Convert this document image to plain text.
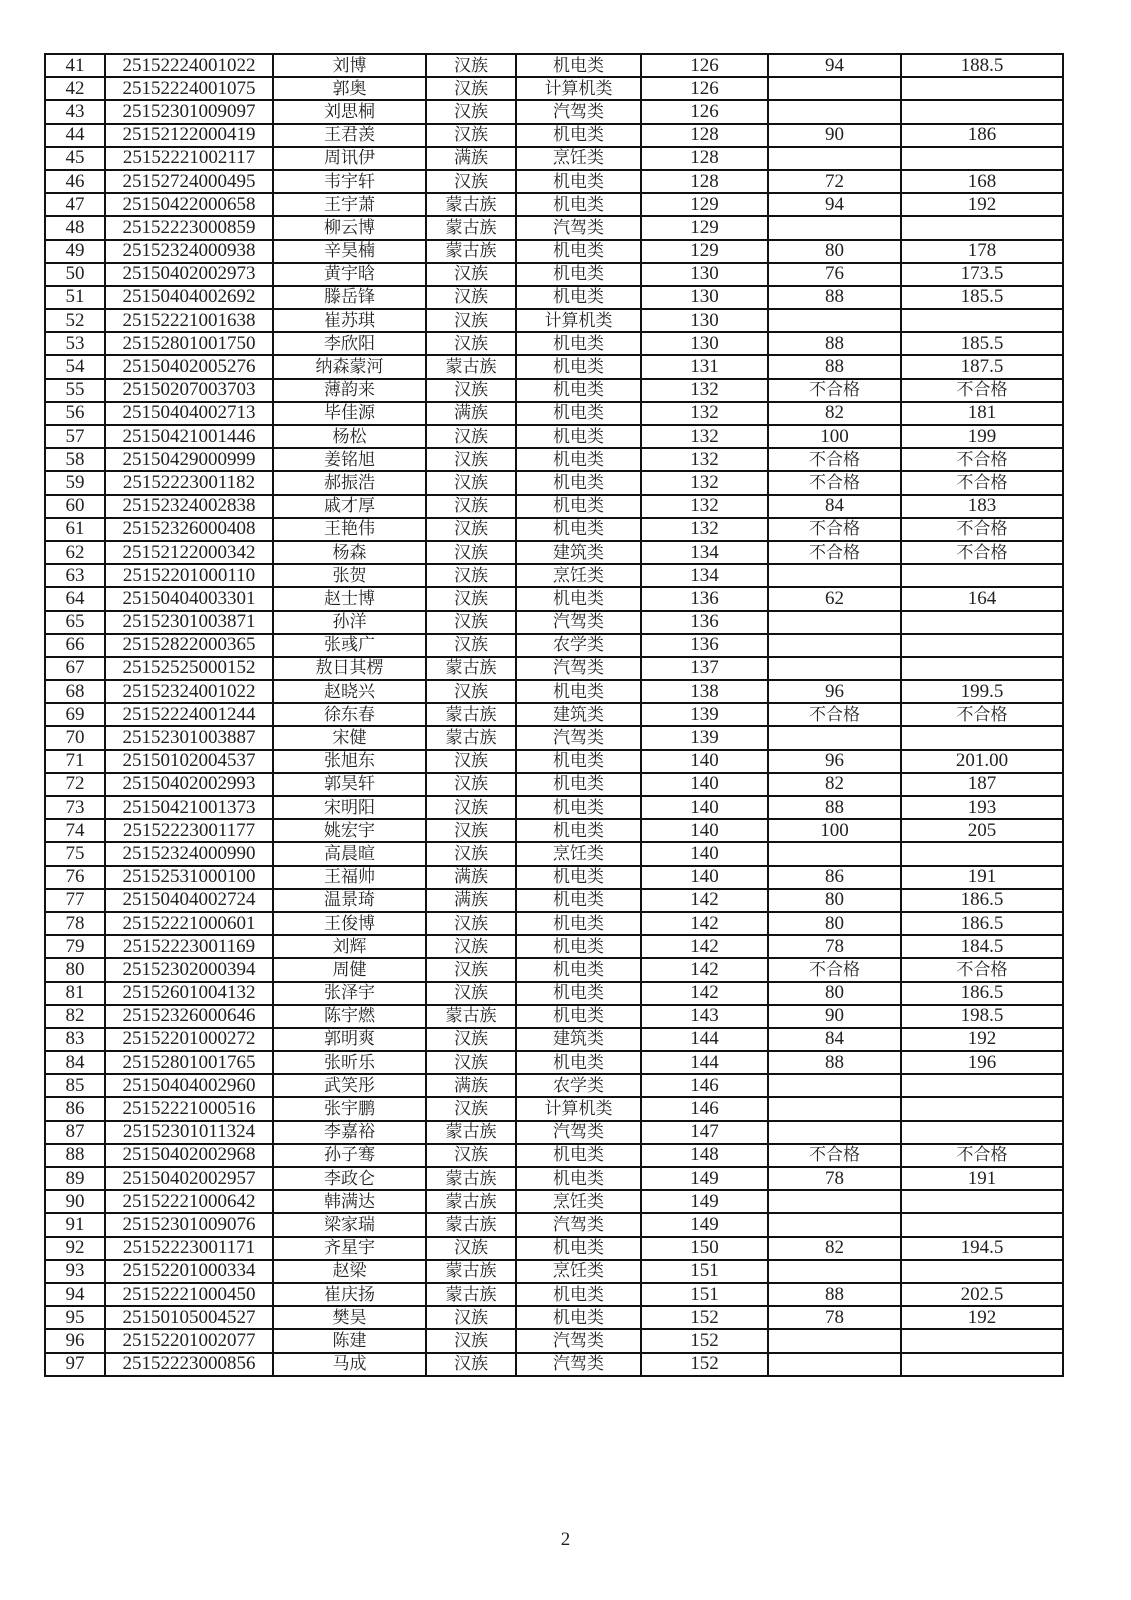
41	25152224001022	刘博	汉族	机电类	126	94	188.5
42	25152224001075	郭奥	汉族	计算机类	126		
43	25152301009097	刘思桐	汉族	汽驾类	126		
44	25152122000419	王君羡	汉族	机电类	128	90	186
45	25152221002117	周讯伊	满族	烹饪类	128		
46	25152724000495	韦宇轩	汉族	机电类	128	72	168
47	25150422000658	王宇萧	蒙古族	机电类	129	94	192
48	25152223000859	柳云博	蒙古族	汽驾类	129		
49	25152324000938	辛昊楠	蒙古族	机电类	129	80	178
50	25150402002973	黄宇晗	汉族	机电类	130	76	173.5
51	25150404002692	滕岳锋	汉族	机电类	130	88	185.5
52	25152221001638	崔苏琪	汉族	计算机类	130		
53	25152801001750	李欣阳	汉族	机电类	130	88	185.5
54	25150402005276	纳森蒙河	蒙古族	机电类	131	88	187.5
55	25150207003703	薄韵来	汉族	机电类	132	不合格	不合格
56	25150404002713	毕佳源	满族	机电类	132	82	181
57	25150421001446	杨松	汉族	机电类	132	100	199
58	25150429000999	姜铭旭	汉族	机电类	132	不合格	不合格
59	25152223001182	郝振浩	汉族	机电类	132	不合格	不合格
60	25152324002838	戚才厚	汉族	机电类	132	84	183
61	25152326000408	王艳伟	汉族	机电类	132	不合格	不合格
62	25152122000342	杨森	汉族	建筑类	134	不合格	不合格
63	25152201000110	张贺	汉族	烹饪类	134		
64	25150404003301	赵士博	汉族	机电类	136	62	164
65	25152301003871	孙洋	汉族	汽驾类	136		
66	25152822000365	张彧广	汉族	农学类	136		
67	25152525000152	敖日其楞	蒙古族	汽驾类	137		
68	25152324001022	赵晓兴	汉族	机电类	138	96	199.5
69	25152224001244	徐东春	蒙古族	建筑类	139	不合格	不合格
70	25152301003887	宋健	蒙古族	汽驾类	139		
71	25150102004537	张旭东	汉族	机电类	140	96	201.00
72	25150402002993	郭昊轩	汉族	机电类	140	82	187
73	25150421001373	宋明阳	汉族	机电类	140	88	193
74	25152223001177	姚宏宇	汉族	机电类	140	100	205
75	25152324000990	高晨暄	汉族	烹饪类	140		
76	25152531000100	王福帅	满族	机电类	140	86	191
77	25150404002724	温景琦	满族	机电类	142	80	186.5
78	25152221000601	王俊博	汉族	机电类	142	80	186.5
79	25152223001169	刘辉	汉族	机电类	142	78	184.5
80	25152302000394	周健	汉族	机电类	142	不合格	不合格
81	25152601004132	张泽宇	汉族	机电类	142	80	186.5
82	25152326000646	陈宇燃	蒙古族	机电类	143	90	198.5
83	25152201000272	郭明爽	汉族	建筑类	144	84	192
84	25152801001765	张昕乐	汉族	机电类	144	88	196
85	25150404002960	武笑彤	满族	农学类	146		
86	25152221000516	张宇鹏	汉族	计算机类	146		
87	25152301011324	李嘉裕	蒙古族	汽驾类	147		
88	25150402002968	孙子骞	汉族	机电类	148	不合格	不合格
89	25150402002957	李政仑	蒙古族	机电类	149	78	191
90	25152221000642	韩满达	蒙古族	烹饪类	149		
91	25152301009076	梁家瑞	蒙古族	汽驾类	149		
92	25152223001171	齐星宇	汉族	机电类	150	82	194.5
93	25152201000334	赵梁	蒙古族	烹饪类	151		
94	25152221000450	崔庆扬	蒙古族	机电类	151	88	202.5
95	25150105004527	樊昊	汉族	机电类	152	78	192
96	25152201002077	陈建	汉族	汽驾类	152		
97	25152223000856	马成	汉族	汽驾类	152		
2
